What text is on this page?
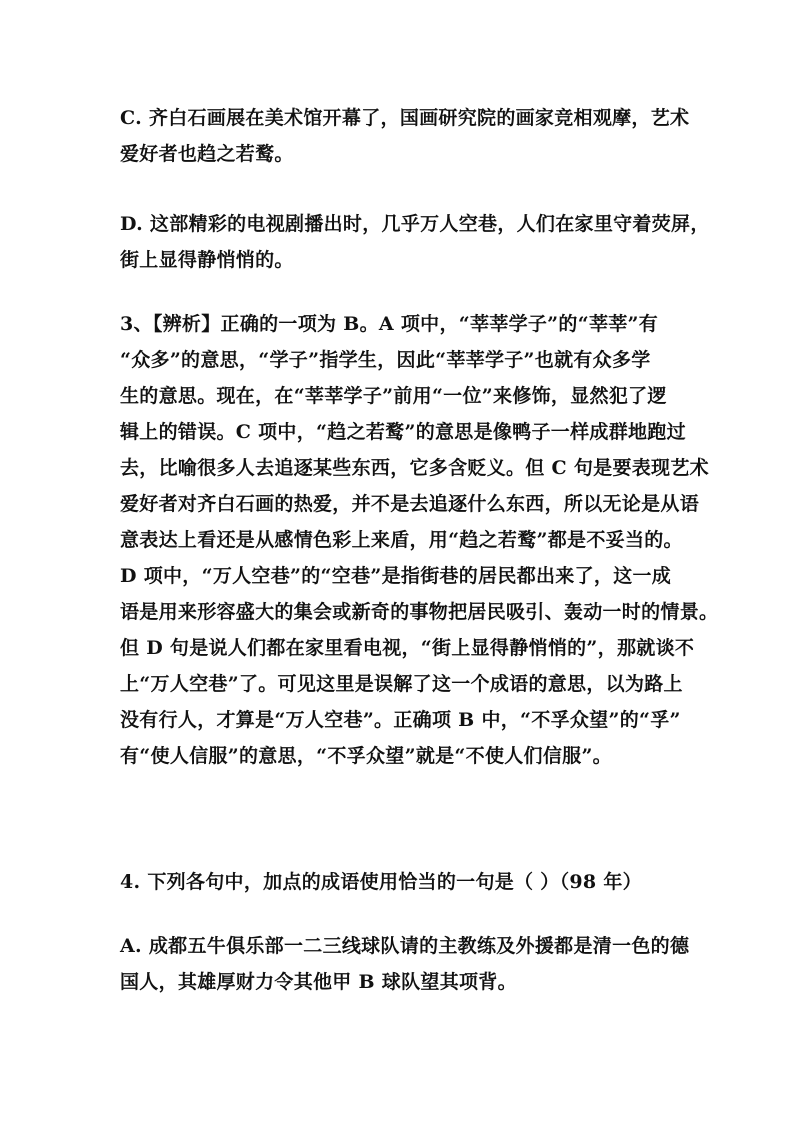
C. 齐白石画展在美术馆开幕了，国画研究院的画家竞相观摩，艺术
爱好者也趋之若鹜。
D. 这部精彩的电视剧播出时，几乎万人空巷，人们在家里守着荧屏，
街上显得静悄悄的。
3、【辨析】正确的一项为 B。A 项中，“莘莘学子”的“莘莘”有
“众多”的意思，“学子”指学生，因此“莘莘学子”也就有众多学
生的意思。现在，在“莘莘学子”前用“一位”来修饰，显然犯了逻
辑上的错误。C 项中，“趋之若鹜”的意思是像鸭子一样成群地跑过
去，比喻很多人去追逐某些东西，它多含贬义。但 C 句是要表现艺术
爱好者对齐白石画的热爱，并不是去追逐什么东西，所以无论是从语
意表达上看还是从感情色彩上来盾，用“趋之若鹜”都是不妥当的。
D 项中，“万人空巷”的“空巷”是指街巷的居民都出来了，这一成
语是用来形容盛大的集会或新奇的事物把居民吸引、轰动一时的情景。
但 D 句是说人们都在家里看电视，“街上显得静悄悄的”，那就谈不
上“万人空巷”了。可见这里是误解了这一个成语的意思，以为路上
没有行人，才算是“万人空巷”。正确项 B 中，“不孚众望”的“孚”
有“使人信服”的意思，“不孚众望”就是“不使人们信服”。
4. 下列各句中，加点的成语使用恰当的一句是（ ）（98 年）
A. 成都五牛俱乐部一二三线球队请的主教练及外援都是清一色的德
国人，其雄厚财力令其他甲 B 球队望其项背。
